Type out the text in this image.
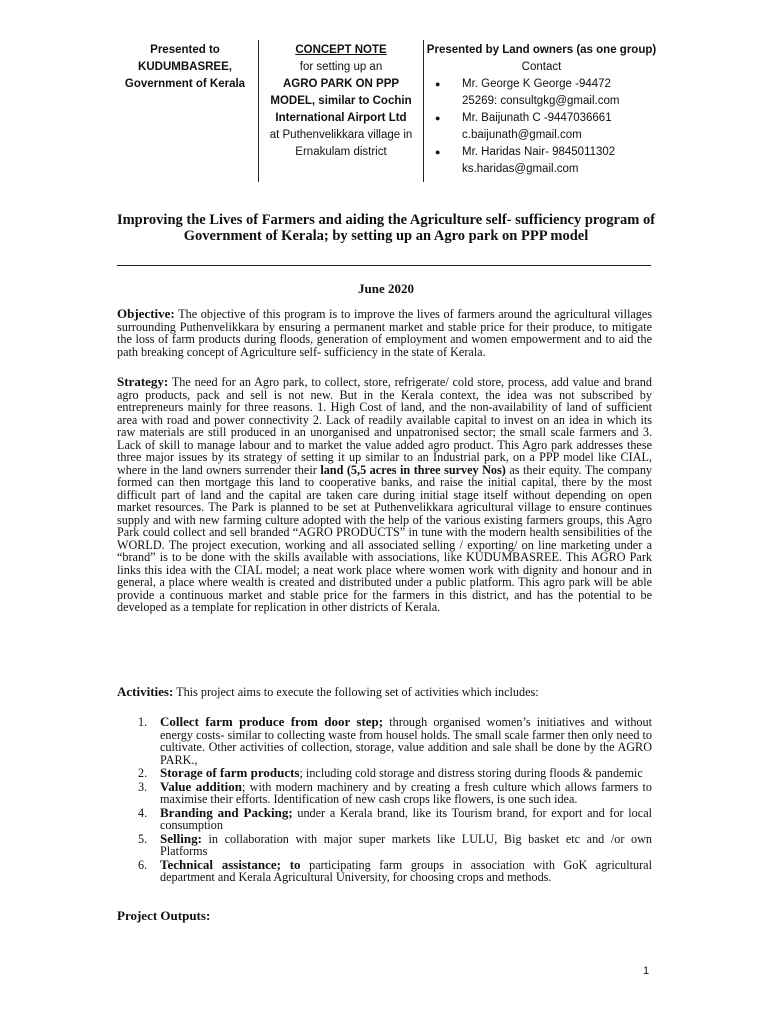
Presented to
KUDUMBASREE,
Government of Kerala
CONCEPT NOTE
for setting up an
AGRO PARK ON PPP
MODEL, similar to Cochin
International Airport Ltd
at Puthenvelikkara village in
Ernakulam district
Presented by Land owners (as one group)
Contact
● Mr. George K George -94472
25269: consultgkg@gmail.com
● Mr. Baijunath C -9447036661
c.baijunath@gmail.com
● Mr. Haridas Nair- 9845011302
ks.haridas@gmail.com
Improving the Lives of Farmers and aiding the Agriculture self- sufficiency program of Government of Kerala; by setting up an Agro park on PPP model
June 2020
Objective: The objective of this program is to improve the lives of farmers around the agricultural villages surrounding Puthenvelikkara by ensuring a permanent market and stable price for their produce, to mitigate the loss of farm products during floods, generation of employment and women empowerment and to aid the path breaking concept of Agriculture self- sufficiency in the state of Kerala.
Strategy: The need for an Agro park, to collect, store, refrigerate/ cold store, process, add value and brand agro products, pack and sell is not new. But in the Kerala context, the idea was not subscribed by entrepreneurs mainly for three reasons. 1. High Cost of land, and the non-availability of land of sufficient area with road and power connectivity 2. Lack of readily available capital to invest on an idea in which its raw materials are still produced in an unorganised and unpatronised sector; the small scale farmers and 3. Lack of skill to manage labour and to market the value added agro product. This Agro park addresses these three major issues by its strategy of setting it up similar to an Industrial park, on a PPP model like CIAL, where in the land owners surrender their land (5,5 acres in three survey Nos) as their equity. The company formed can then mortgage this land to cooperative banks, and raise the initial capital, there by the most difficult part of land and the capital are taken care during initial stage itself without depending on open market resources. The Park is planned to be set at Puthenvelikkara agricultural village to ensure continues supply and with new farming culture adopted with the help of the various existing farmers groups, this Agro Park could collect and sell branded “AGRO PRODUCTS” in tune with the modern health sensibilities of the WORLD. The project execution, working and all associated selling / exporting/ on line marketing under a “brand” is to be done with the skills available with associations, like KUDUMBASREE. This AGRO Park links this idea with the CIAL model; a neat work place where women work with dignity and honour and in general, a place where wealth is created and distributed under a public platform. This agro park will be able provide a continuous market and stable price for the farmers in this district, and has the potential to be developed as a template for replication in other districts of Kerala.
Activities: This project aims to execute the following set of activities which includes:
1. Collect farm produce from door step; through organised women’s initiatives and without energy costs- similar to collecting waste from housel holds. The small scale farmer then only need to cultivate. Other activities of collection, storage, value addition and sale shall be done by the AGRO PARK.,
2. Storage of farm products; including cold storage and distress storing during floods & pandemic
3. Value addition; with modern machinery and by creating a fresh culture which allows farmers to maximise their efforts. Identification of new cash crops like flowers, is one such idea.
4. Branding and Packing; under a Kerala brand, like its Tourism brand, for export and for local consumption
5. Selling: in collaboration with major super markets like LULU, Big basket etc and /or own Platforms
6. Technical assistance; to participating farm groups in association with GoK agricultural department and Kerala Agricultural University, for choosing crops and methods.
Project Outputs:
1
